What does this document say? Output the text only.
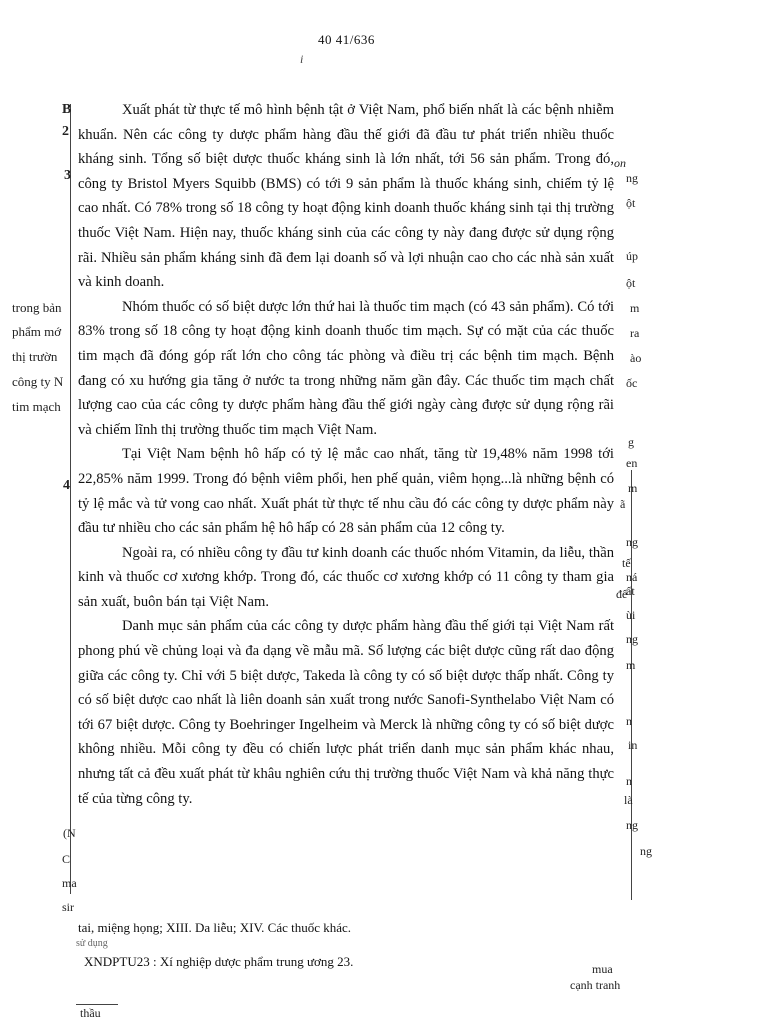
40 41/636
i

Xuất phát từ thực tế mô hình bệnh tật ở Việt Nam, phổ biến nhất là các bệnh nhiễm khuẩn. Nên các công ty dược phẩm hàng đầu thế giới đã đầu tư phát triển nhiều thuốc kháng sinh. Tổng số biệt dược thuốc kháng sinh là lớn nhất, tới 56 sản phẩm. Trong đó, công ty Bristol Myers Squibb (BMS) có tới 9 sản phẩm là thuốc kháng sinh, chiếm tỷ lệ cao nhất. Có 78% trong số 18 công ty hoạt động kinh doanh thuốc kháng sinh tại thị trường thuốc Việt Nam. Hiện nay, thuốc kháng sinh của các công ty này đang được sử dụng rộng rãi. Nhiều sản phẩm kháng sinh đã đem lại doanh số và lợi nhuận cao cho các nhà sản xuất và kinh doanh.

Nhóm thuốc có số biệt dược lớn thứ hai là thuốc tim mạch (có 43 sản phẩm). Có tới 83% trong số 18 công ty hoạt động kinh doanh thuốc tim mạch. Sự có mặt của các thuốc tim mạch đã đóng góp rất lớn cho công tác phòng và điều trị các bệnh tim mạch. Bệnh đang có xu hướng gia tăng ở nước ta trong những năm gần đây. Các thuốc tim mạch chất lượng cao của các công ty dược phẩm hàng đầu thế giới ngày càng được sử dụng rộng rãi và chiếm lĩnh thị trường thuốc tim mạch Việt Nam.

Tại Việt Nam bệnh hô hấp có tỷ lệ mắc cao nhất, tăng từ 19,48% năm 1998 tới 22,85% năm 1999. Trong đó bệnh viêm phổi, hen phế quản, viêm họng...là những bệnh có tỷ lệ mắc và tử vong cao nhất. Xuất phát từ thực tế nhu cầu đó các công ty dược phẩm này đầu tư nhiều cho các sản phẩm hệ hô hấp có 28 sản phẩm của 12 công ty.

Ngoài ra, có nhiều công ty đầu tư kinh doanh các thuốc nhóm Vitamin, da liễu, thần kinh và thuốc cơ xương khớp. Trong đó, các thuốc cơ xương khớp có 11 công ty tham gia sản xuất, buôn bán tại Việt Nam.

Danh mục sản phẩm của các công ty dược phẩm hàng đầu thế giới tại Việt Nam rất phong phú về chủng loại và đa dạng về mẫu mã. Số lượng các biệt dược cũng rất dao động giữa các công ty. Chỉ với 5 biệt dược, Takeda là công ty có số biệt dược thấp nhất. Công ty có số biệt dược cao nhất là liên doanh sản xuất trong nước Sanofi-Synthelabo Việt Nam có tới 67 biệt dược. Công ty Boehringer Ingelheim và Merck là những công ty có số biệt dược không nhiều. Mỗi công ty đều có chiến lược phát triển danh mục sản phẩm khác nhau, nhưng tất cả đều xuất phát từ khâu nghiên cứu thị trường thuốc Việt Nam và khả năng thực tế của từng công ty.

tai, miệng họng; XIII. Da liễu; XIV. Các thuốc khác.
sử dụng
XNDPTU23 : Xí nghiệp dược phẩm trung ương 23.	mua
cạnh tranh
thầu
B
2
3
trong bản
phẩm mớ
thị trườn
công ty N
tim mạch
4
(N
C
ma
sir
on
ng
ột
úp
ột
m
ra
ào
ốc
g
en
m
ã
ng
tế
ná
để
ất
ùi
ng
m
n
in
n
là
ng
ng
